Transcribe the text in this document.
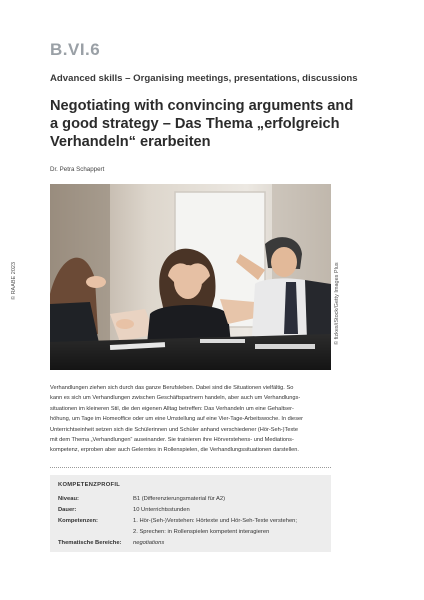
B.VI.6
Advanced skills – Organising meetings, presentations, discussions
Negotiating with convincing arguments and
a good strategy – Das Thema „erfolgreich
Verhandeln“ erarbeiten
Dr. Petra Schappert
© RAABE 2023	© fizkes/iStock/Getty Images Plus

Verhandlungen ziehen sich durch das ganze Berufsleben. Dabei sind die Situationen vielfältig. So

kann es sich um Verhandlungen zwischen Geschäftspartnern handeln, aber auch um Verhandlungs-

situationen im kleineren Stil, die den eigenen Alltag betreffen: Das Verhandeln um eine Gehaltser-

höhung, um Tage im Homeoffice oder um eine Umstellung auf eine Vier-Tage-Arbeitswoche. In dieser

Unterrichtseinheit setzen sich die Schülerinnen und Schüler anhand verschiedener (Hör-Seh-)Texte

mit dem Thema „Verhandlungen“ auseinander. Sie trainieren ihre Hörverstehens- und Mediations-

kompetenz, erproben aber auch Gelerntes in Rollenspielen, die Verhandlungssituationen darstellen.

KOMPETENZPROFIL
Niveau:	B1 (Differenzierungsmaterial für A2)
Dauer:	10 Unterrichtsstunden
Kompetenzen:	1. Hör-(Seh-)Verstehen: Hörtexte und Hör-Seh-Texte verstehen;
2. Sprechen: in Rollenspielen kompetent interagieren
Thematische Bereiche: negotiations
